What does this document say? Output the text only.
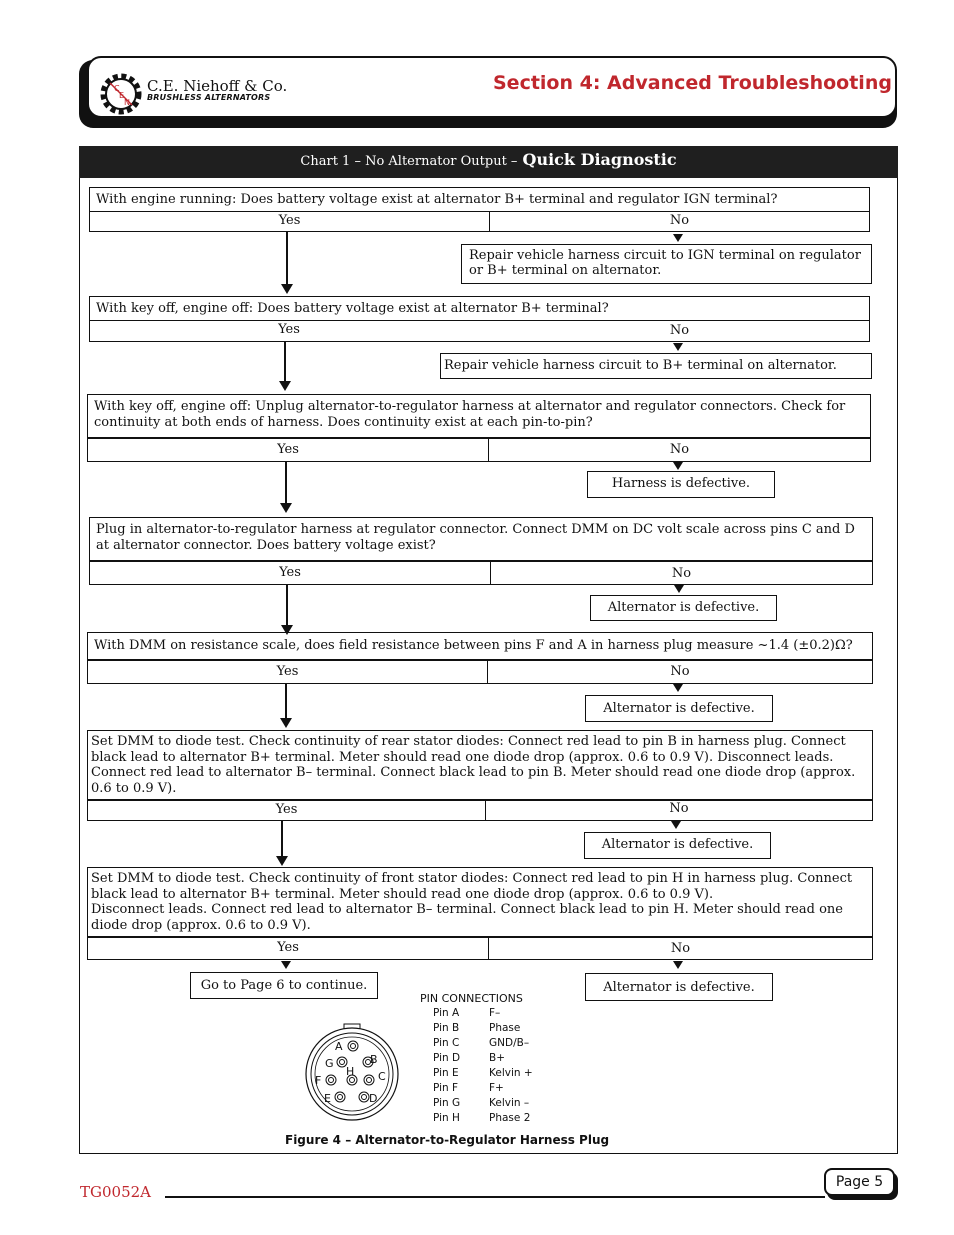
C
E
N
C.E. Niehoff & Co.
BRUSHLESS ALTERNATORS
Section 4: Advanced Troubleshooting
Chart 1 – No Alternator Output – Quick Diagnostic
With engine running: Does battery voltage exist at alternator B+ terminal and regulator IGN terminal?
Yes	No
Repair vehicle harness circuit to IGN terminal on regulator or B+ terminal on alternator.
With key off, engine off: Does battery voltage exist at alternator B+ terminal?
Yes	No
Repair vehicle harness circuit to B+ terminal on alternator.
With key off, engine off: Unplug alternator-to-regulator harness at alternator and regulator connectors. Check for continuity at both ends of harness. Does continuity exist at each pin-to-pin?
Yes	No
Harness is defective.
Plug in alternator-to-regulator harness at regulator connector. Connect DMM on DC volt scale across pins C and D at alternator connector. Does battery voltage exist?
Yes	No
Alternator is defective.
With DMM on resistance scale, does field resistance between pins F and A in harness plug measure ~1.4 (±0.2)Ω?
Yes	No
Alternator is defective.
Set DMM to diode test. Check continuity of rear stator diodes: Connect red lead to pin B in harness plug. Connect black lead to alternator B+ terminal. Meter should read one diode drop (approx. 0.6 to 0.9 V). Disconnect leads. Connect red lead to alternator B– terminal. Connect black lead to pin B. Meter should read one diode drop (approx. 0.6 to 0.9 V).
Yes	No
Alternator is defective.
Set DMM to diode test. Check continuity of front stator diodes: Connect red lead to pin H in harness plug. Connect black lead to alternator B+ terminal. Meter should read one diode drop (approx. 0.6 to 0.9 V).
Disconnect leads. Connect red lead to alternator B– terminal. Connect black lead to pin H. Meter should read one diode drop (approx. 0.6 to 0.9 V).
Yes	No
Go to Page 6 to continue.	Alternator is defective.
PIN CONNECTIONS
Pin A	F–
Pin B	Phase
Pin C	GND/B–
Pin D	B+
Pin E	Kelvin +
Pin F	F+
Pin G	Kelvin –
Pin H	Phase 2
A
B
G
H
F	C
E	D
Figure 4 – Alternator-to-Regulator Harness Plug
TG0052A
Page 5
